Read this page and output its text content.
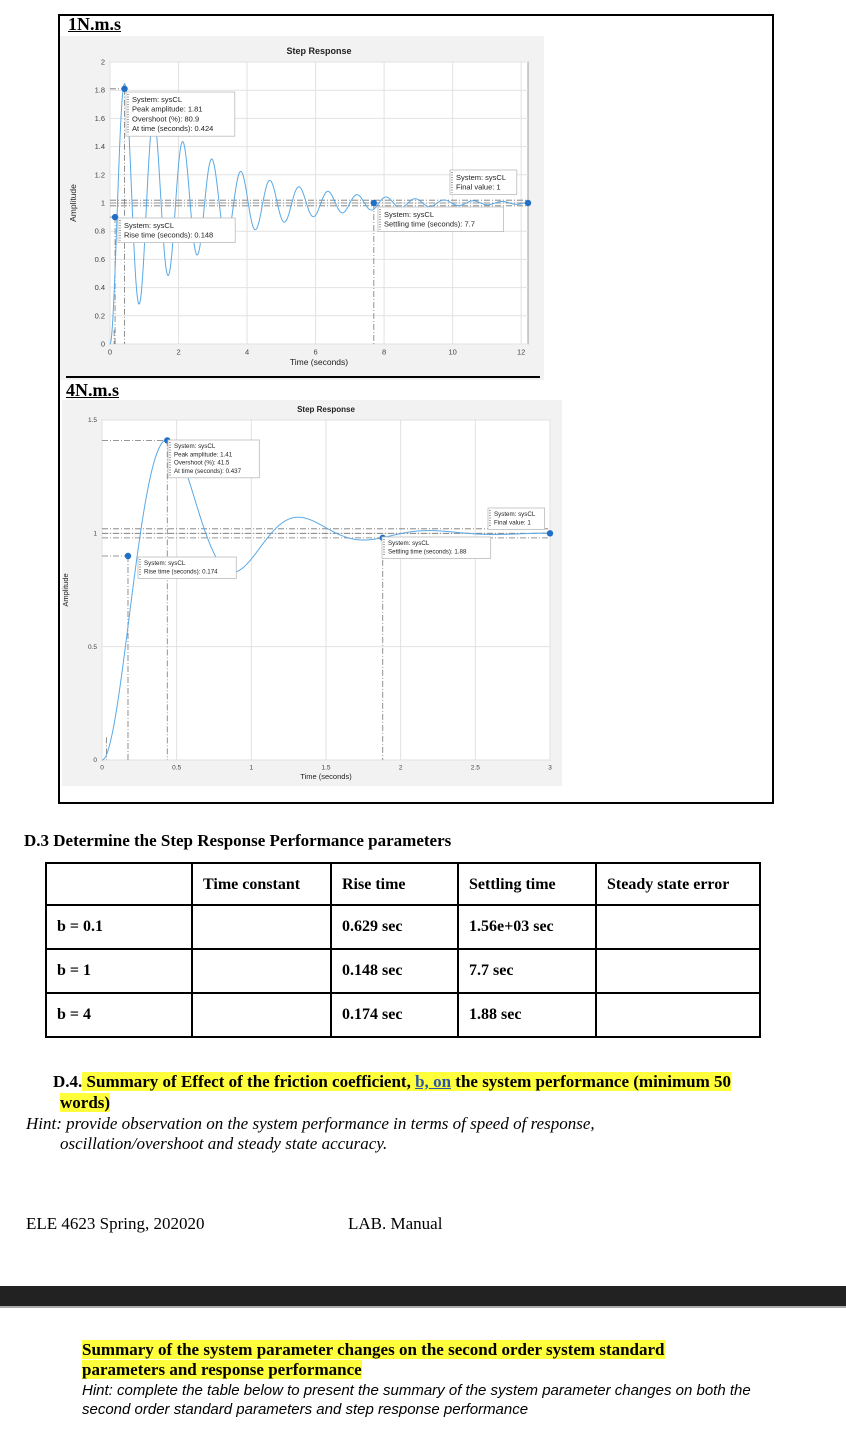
1N.m.s
0	2	4	6	8	10	12
0
0.2
0.4
0.6
0.8
1
1.2
1.4
1.6
1.8
2
Step Response
Time (seconds)
Amplitude
System: sysCL
Peak amplitude: 1.81
Overshoot (%): 80.9
At time (seconds): 0.424
System: sysCL
Rise time (seconds): 0.148
System: sysCL
Final value: 1
System: sysCL
Settling time (seconds): 7.7
4N.m.s
0	0.5	1	1.5	2	2.5	3
0
0.5
1
1.5
Step Response
Time (seconds)
Amplitude
System: sysCL
Peak amplitude: 1.41
Overshoot (%): 41.5
At time (seconds): 0.437
System: sysCL
Rise time (seconds): 0.174
System: sysCL
Final value: 1
System: sysCL
Settling time (seconds): 1.88
D.3 Determine the Step Response Performance parameters
	Time constant	Rise time	Settling time	Steady state error
b = 0.1		0.629 sec	1.56e+03 sec	
b = 1		0.148 sec	7.7 sec	
b = 4		0.174 sec	1.88 sec	
D.4. Summary of Effect of the friction coefficient, b, on the system performance (minimum 50
words)
Hint: provide observation on the system performance in terms of speed of response,
oscillation/overshoot and steady state accuracy.
ELE 4623 Spring, 202020	LAB. Manual
Summary of the system parameter changes on the second order system standard
parameters and response performance
Hint: complete the table below to present the summary of the system parameter changes on both the
second order standard parameters and step response performance
